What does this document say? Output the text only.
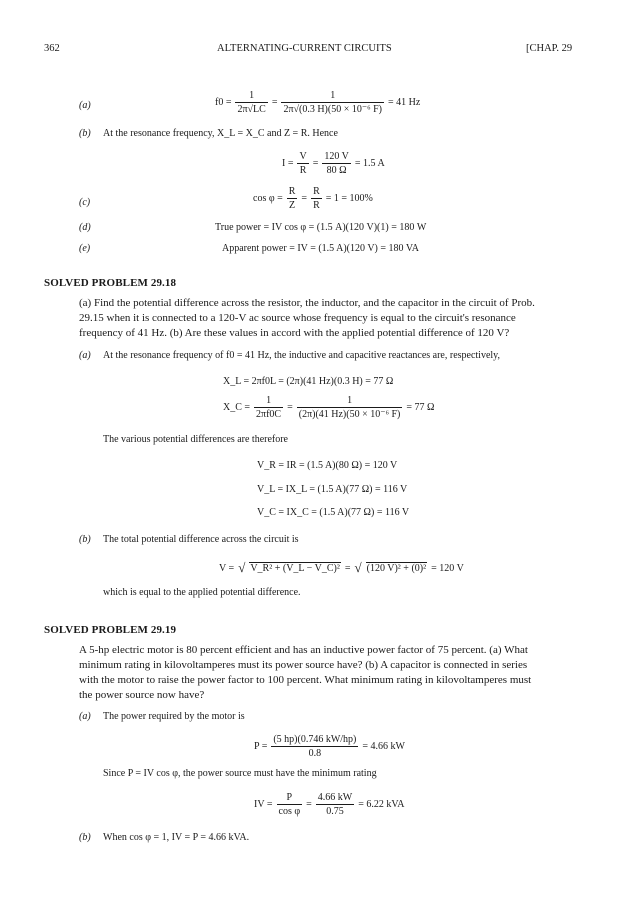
362	ALTERNATING-CURRENT CIRCUITS	[CHAP. 29
(a)	$f0 = \frac{1}{2\pi√LC} = \frac{1}{\text{2π√(0.3 H)(50 × 10⁻⁶ F)}} = 41$ Hz
(b) At the resonance frequency, X_L = X_C and Z = R. Hence
$I = \frac{V}{R} = \frac{120 V}{80 \Omega} = 1.5$ A
(c)	$\cos \varphi = \frac{R}{Z} = \frac{R}{R} = 1 = 100\%$
(d)	True power = IV cos φ = (1.5 A)(120 V)(1) = 180 W
(e)	Apparent power = IV = (1.5 A)(120 V) = 180 VA
SOLVED PROBLEM 29.18
(a) Find the potential difference across the resistor, the inductor, and the capacitor in the circuit of Prob.
29.15 when it is connected to a 120-V ac source whose frequency is equal to the circuit's resonance
frequency of 41 Hz. (b) Are these values in accord with the applied potential difference of 120 V?
(a) At the resonance frequency of f0 = 41 Hz, the inductive and capacitive reactances are, respectively,
X_L = 2πf0L = (2π)(41 Hz)(0.3 H) = 77 Ω
X_C = $\frac{1}{2\pi f0C} = \frac{1}{\text{(2π)(41 Hz)(50 × 10⁻⁶ F)}} = 77$ Ω
The various potential differences are therefore
V_R = IR = (1.5 A)(80 Ω) = 120 V
V_L = IX_L = (1.5 A)(77 Ω) = 116 V
V_C = IX_C = (1.5 A)(77 Ω) = 116 V
(b) The total potential difference across the circuit is
V = √ V_R² + (V_L − V_C)² = √ (120 V)² + (0)² = 120 V
which is equal to the applied potential difference.
SOLVED PROBLEM 29.19
A 5-hp electric motor is 80 percent efficient and has an inductive power factor of 75 percent. (a) What
minimum rating in kilovoltamperes must its power source have? (b) A capacitor is connected in series
with the motor to raise the power factor to 100 percent. What minimum rating in kilovoltamperes must
the power source now have?
(a) The power required by the motor is
$P = \frac{(5 hp)(0.746 kW/hp)}{0.8} = 4.66$ kW
Since P = IV cos φ, the power source must have the minimum rating
IV = $\frac{P}{\text{cos φ}} = \frac{4.66 kW}{0.75} = 6.22$ kVA
(b) When cos φ = 1, IV = P = 4.66 kVA.
